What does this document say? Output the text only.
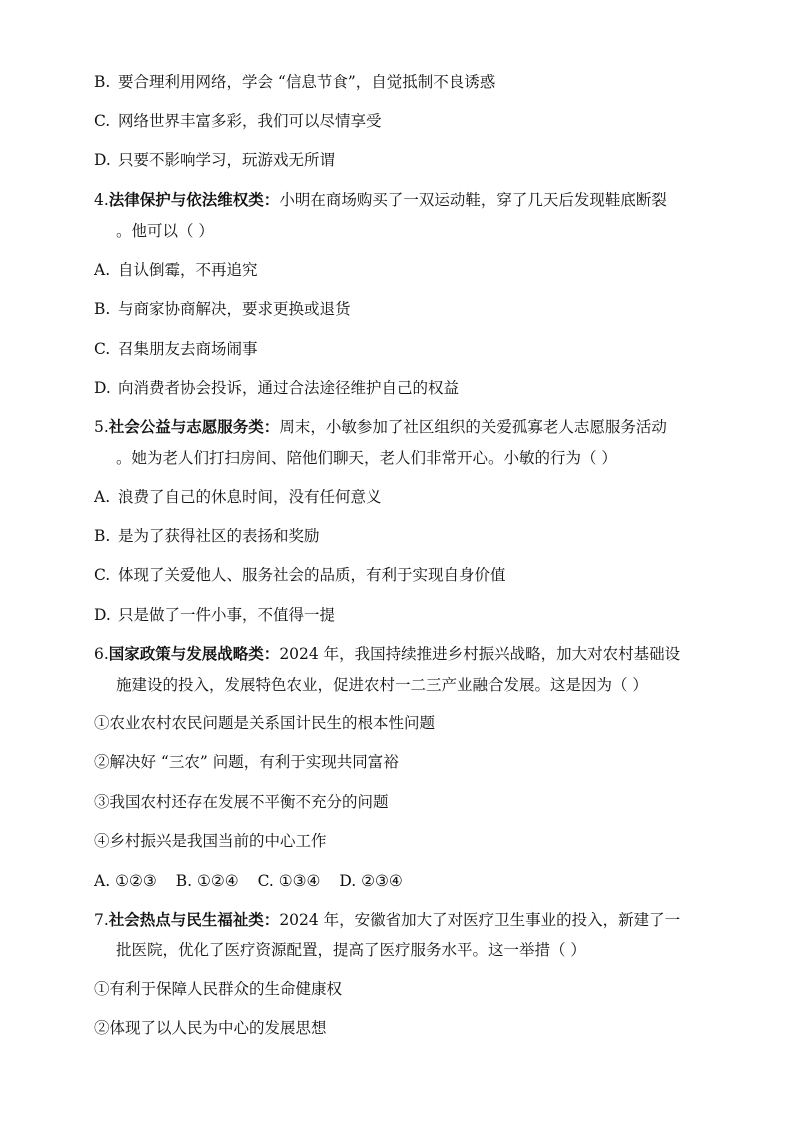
B. 要合理利用网络，学会 “信息节食”，自觉抵制不良诱惑
C. 网络世界丰富多彩，我们可以尽情享受
D. 只要不影响学习，玩游戏无所谓
4.法律保护与依法维权类：小明在商场购买了一双运动鞋，穿了几天后发现鞋底断裂
。他可以（ ）
A. 自认倒霉，不再追究
B. 与商家协商解决，要求更换或退货
C. 召集朋友去商场闹事
D. 向消费者协会投诉，通过合法途径维护自己的权益
5.社会公益与志愿服务类：周末，小敏参加了社区组织的关爱孤寡老人志愿服务活动
。她为老人们打扫房间、陪他们聊天，老人们非常开心。小敏的行为（ ）
A. 浪费了自己的休息时间，没有任何意义
B. 是为了获得社区的表扬和奖励
C. 体现了关爱他人、服务社会的品质，有利于实现自身价值
D. 只是做了一件小事，不值得一提
6.国家政策与发展战略类：2024 年，我国持续推进乡村振兴战略，加大对农村基础设
施建设的投入，发展特色农业，促进农村一二三产业融合发展。这是因为（ ）
①农业农村农民问题是关系国计民生的根本性问题
②解决好 “三农” 问题，有利于实现共同富裕
③我国农村还存在发展不平衡不充分的问题
④乡村振兴是我国当前的中心工作
A. ①②③ B. ①②④ C. ①③④ D. ②③④
7.社会热点与民生福祉类：2024 年，安徽省加大了对医疗卫生事业的投入，新建了一
批医院，优化了医疗资源配置，提高了医疗服务水平。这一举措（ ）
①有利于保障人民群众的生命健康权
②体现了以人民为中心的发展思想
